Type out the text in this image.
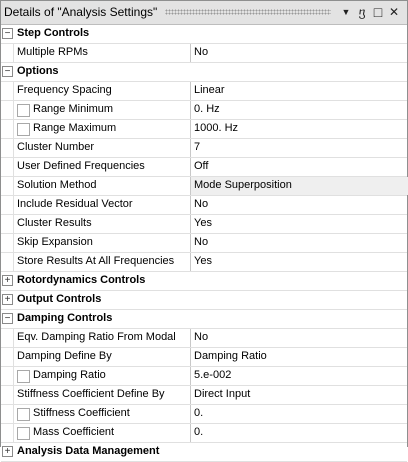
Details of "Analysis Settings"	▼ ⴂ □ ✕
− Step Controls
Multiple RPMs	No
− Options
Frequency Spacing	Linear
Range Minimum	0. Hz
Range Maximum	1000. Hz
Cluster Number	7
User Defined Frequencies	Off
Solution Method	Mode Superposition
Include Residual Vector	No
Cluster Results	Yes
Skip Expansion	No
Store Results At All Frequencies Yes
+ Rotordynamics Controls
+ Output Controls
− Damping Controls
Eqv. Damping Ratio From Modal No
Damping Define By	Damping Ratio
Damping Ratio	5.e-002
Stiffness Coefficient Define By	Direct Input
Stiffness Coefficient	0.
Mass Coefficient	0.
+ Analysis Data Management
